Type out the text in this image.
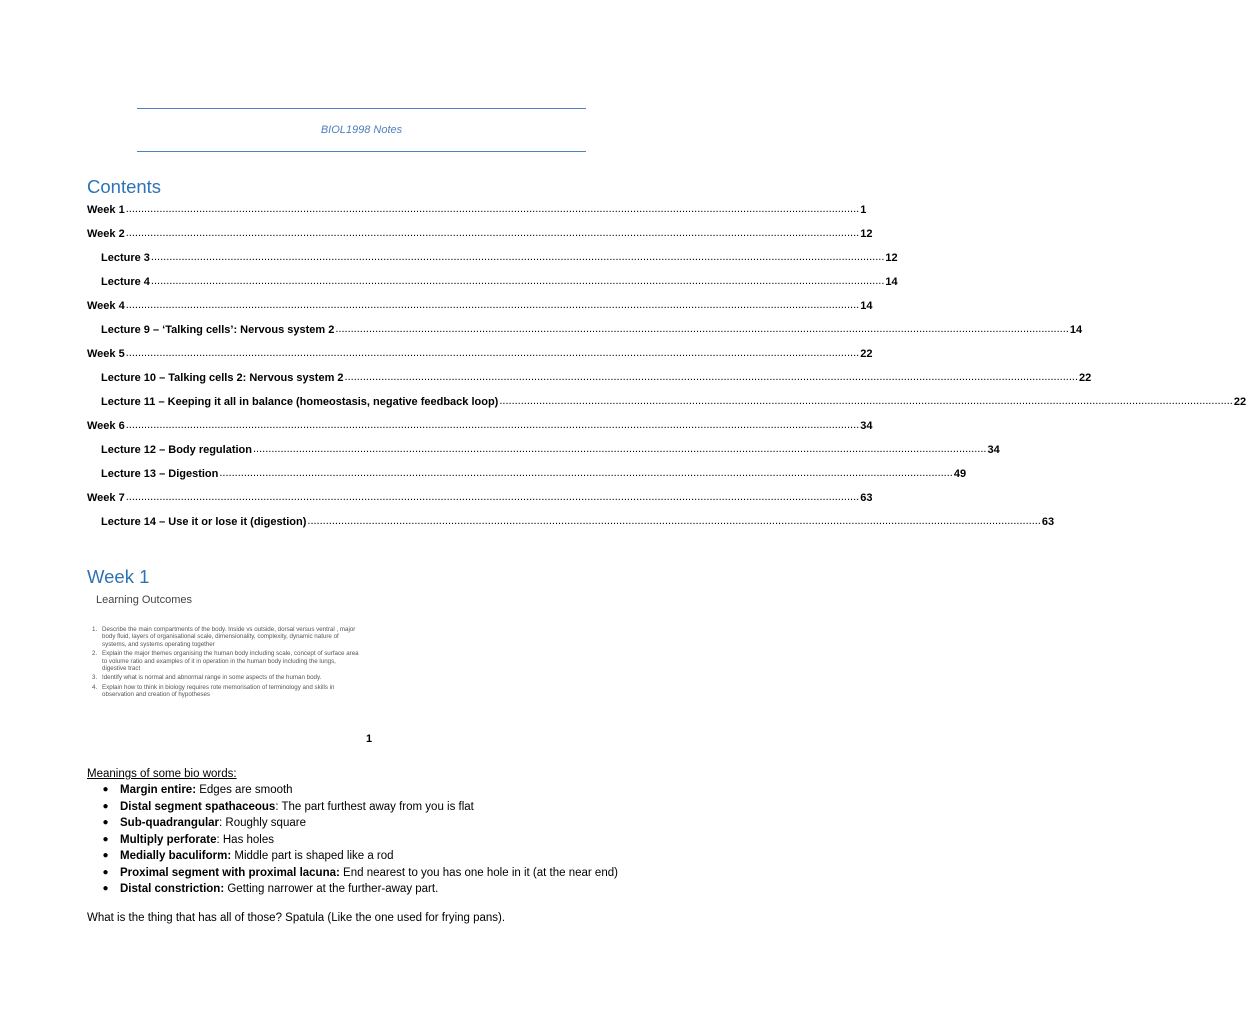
BIOL1998 Notes
Contents
Week 1 ................................................................................................................................................................................................................................................ 1
Week 2 ................................................................................................................................................................................................................................................ 12
Lecture 3 ................................................................................................................................................................................................................................................ 12
Lecture 4 ................................................................................................................................................................................................................................................ 14
Week 4 ................................................................................................................................................................................................................................................ 14
Lecture 9 – ‘Talking cells’: Nervous system 2 ................................................................................................................................................................................................................................................ 14
Week 5 ................................................................................................................................................................................................................................................ 22
Lecture 10 – Talking cells 2: Nervous system 2 ................................................................................................................................................................................................................................................ 22
Lecture 11 – Keeping it all in balance (homeostasis, negative feedback loop) ................................................................................................................................................................................................................................................ 22
Week 6 ................................................................................................................................................................................................................................................ 34
Lecture 12 – Body regulation ................................................................................................................................................................................................................................................ 34
Lecture 13 – Digestion ................................................................................................................................................................................................................................................ 49
Week 7 ................................................................................................................................................................................................................................................ 63
Lecture 14 – Use it or lose it (digestion) ................................................................................................................................................................................................................................................ 63
Week 1
Learning Outcomes
1. Describe the main compartments of the body. Inside vs outside, dorsal versus ventral , major body fluid, layers of organisational scale, dimensionality, complexity, dynamic nature of systems, and systems operating together
2. Explain the major themes organising the human body including scale, concept of surface area to volume ratio and examples of it in operation in the human body including the lungs, digestive tract
3. Identify what is normal and abnormal range in some aspects of the human body.
4. Explain how to think in biology requires rote memorisation of terminology and skills in observation and creation of hypotheses
1
Meanings of some bio words:
● Margin entire: Edges are smooth
● Distal segment spathaceous: The part furthest away from you is flat
● Sub-quadrangular: Roughly square
● Multiply perforate: Has holes
● Medially baculiform: Middle part is shaped like a rod
● Proximal segment with proximal lacuna: End nearest to you has one hole in it (at the near end)
● Distal constriction: Getting narrower at the further-away part.
What is the thing that has all of those? Spatula (Like the one used for frying pans).
